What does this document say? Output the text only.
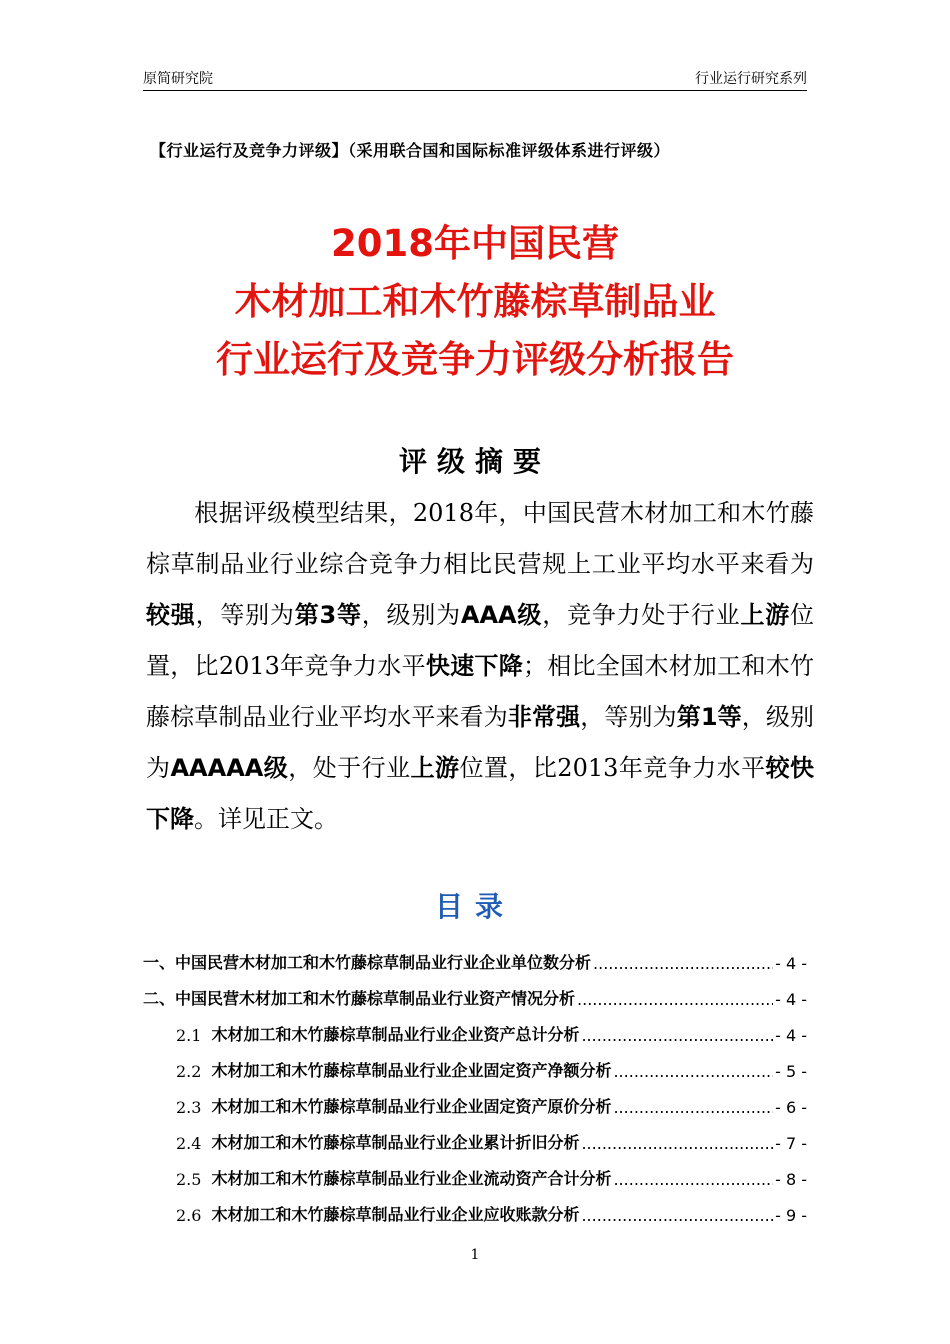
原简研究院	行业运行研究系列
【行业运行及竞争力评级】（采用联合国和国际标准评级体系进行评级）
2018年中国民营
木材加工和木竹藤棕草制品业
行业运行及竞争力评级分析报告
评级摘要
根据评级模型结果，2018年，中国民营木材加工和木竹藤棕草制品业行业综合竞争力相比民营规上工业平均水平来看为较强，等别为第3等，级别为AAA级，竞争力处于行业上游位置，比2013年竞争力水平快速下降；相比全国木材加工和木竹藤棕草制品业行业平均水平来看为非常强，等别为第1等，级别为AAAAA级，处于行业上游位置，比2013年竞争力水平较快下降。详见正文。
目录
一、中国民营木材加工和木竹藤棕草制品业行业企业单位数分析 .....	- 4 -
二、中国民营木材加工和木竹藤棕草制品业行业资产情况分析 .....	- 4 -
2.1 木材加工和木竹藤棕草制品业行业企业资产总计分析 .....	- 4 -
2.2 木材加工和木竹藤棕草制品业行业企业固定资产净额分析 .....	- 5 -
2.3 木材加工和木竹藤棕草制品业行业企业固定资产原价分析 .....	- 6 -
2.4 木材加工和木竹藤棕草制品业行业企业累计折旧分析 .....	- 7 -
2.5 木材加工和木竹藤棕草制品业行业企业流动资产合计分析 .....	- 8 -
2.6 木材加工和木竹藤棕草制品业行业企业应收账款分析 .....	- 9 -
1
